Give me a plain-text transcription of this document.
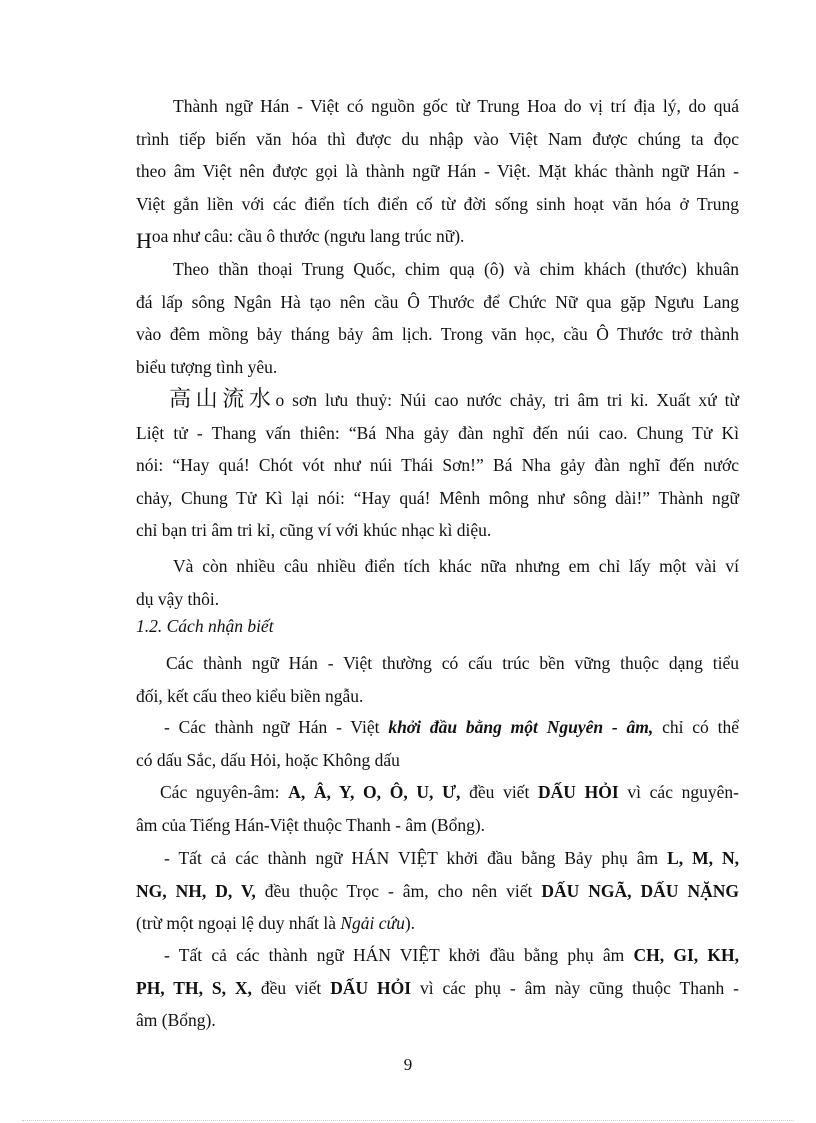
Thành ngữ Hán - Việt có nguồn gốc từ Trung Hoa do vị trí địa lý, do quá
trình tiếp biến văn hóa thì được du nhập vào Việt Nam được chúng ta đọc
theo âm Việt nên được gọi là thành ngữ Hán - Việt. Mặt khác thành ngữ Hán -
Việt gắn liền với các điển tích điển cố từ đời sống sinh hoạt văn hóa ở Trung
Hoa như câu: cầu ô thước (ngưu lang trúc nữ).
Theo thần thoại Trung Quốc, chim quạ (ô) và chim khách (thước) khuân
đá lấp sông Ngân Hà tạo nên cầu Ô Thước để Chức Nữ qua gặp Ngưu Lang
vào đêm mồng bảy tháng bảy âm lịch. Trong văn học, cầu Ô Thước trở thành
biểu tượng tình yêu.
高山流水o sơn lưu thuỷ: Núi cao nước chảy, tri âm tri kỉ. Xuất xứ từ
Liệt tử - Thang vấn thiên: “Bá Nha gảy đàn nghĩ đến núi cao. Chung Tử Kì
nói: “Hay quá! Chót vót như núi Thái Sơn!” Bá Nha gảy đàn nghĩ đến nước
chảy, Chung Tử Kì lại nói: “Hay quá! Mênh mông như sông dài!” Thành ngữ
chỉ bạn tri âm tri kỉ, cũng ví với khúc nhạc kì diệu.
Và còn nhiều câu nhiều điển tích khác nữa nhưng em chỉ lấy một vài ví
dụ vậy thôi.
1.2. Cách nhận biết
Các thành ngữ Hán - Việt thường có cấu trúc bền vững thuộc dạng tiểu
đối, kết cấu theo kiểu biền ngẫu.
- Các thành ngữ Hán - Việt khởi đầu bằng một Nguyên - âm, chỉ có thể
có dấu Sắc, dấu Hỏi, hoặc Không dấu
Các nguyên-âm: A, Â, Y, O, Ô, U, Ư, đều viết DẤU HỎI vì các nguyên-
âm của Tiếng Hán-Việt thuộc Thanh - âm (Bổng).
- Tất cả các thành ngữ HÁN VIỆT khởi đầu bằng Bảy phụ âm L, M, N,
NG, NH, D, V, đều thuộc Trọc - âm, cho nên viết DẤU NGÃ, DẤU NẶNG
(trừ một ngoại lệ duy nhất là Ngải cứu).
- Tất cả các thành ngữ HÁN VIỆT khởi đầu bằng phụ âm CH, GI, KH,
PH, TH, S, X, đều viết DẤU HỎI vì các phụ - âm này cũng thuộc Thanh -
âm (Bổng).
9
